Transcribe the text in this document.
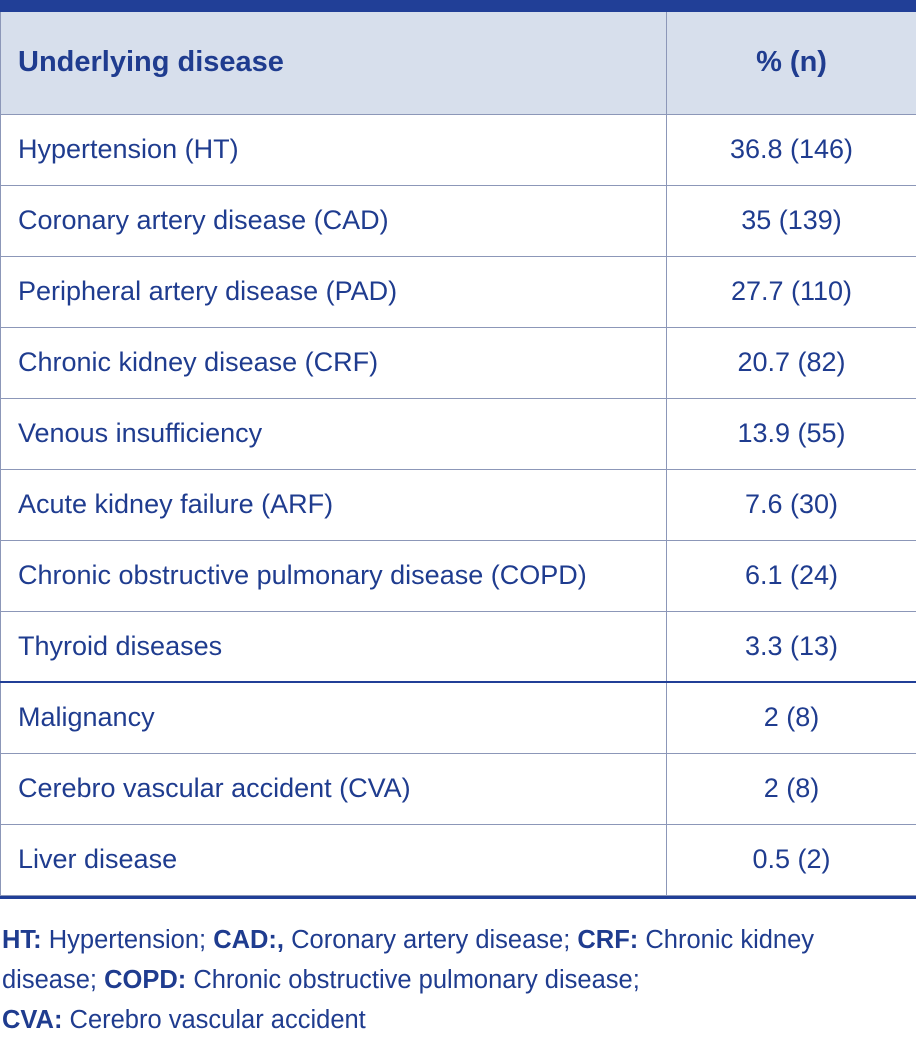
Underlying disease	% (n)
Hypertension (HT)	36.8 (146)
Coronary artery disease (CAD)	35 (139)
Peripheral artery disease (PAD)	27.7 (110)
Chronic kidney disease (CRF)	20.7 (82)
Venous insufficiency	13.9 (55)
Acute kidney failure (ARF)	7.6 (30)
Chronic obstructive pulmonary disease (COPD)	6.1 (24)
Thyroid diseases	3.3 (13)
Malignancy	2 (8)
Cerebro vascular accident (CVA)	2 (8)
Liver disease	0.5 (2)
HT: Hypertension; CAD:, Coronary artery disease; CRF: Chronic kidney disease; COPD: Chronic obstructive pulmonary disease;
CVA: Cerebro vascular accident
